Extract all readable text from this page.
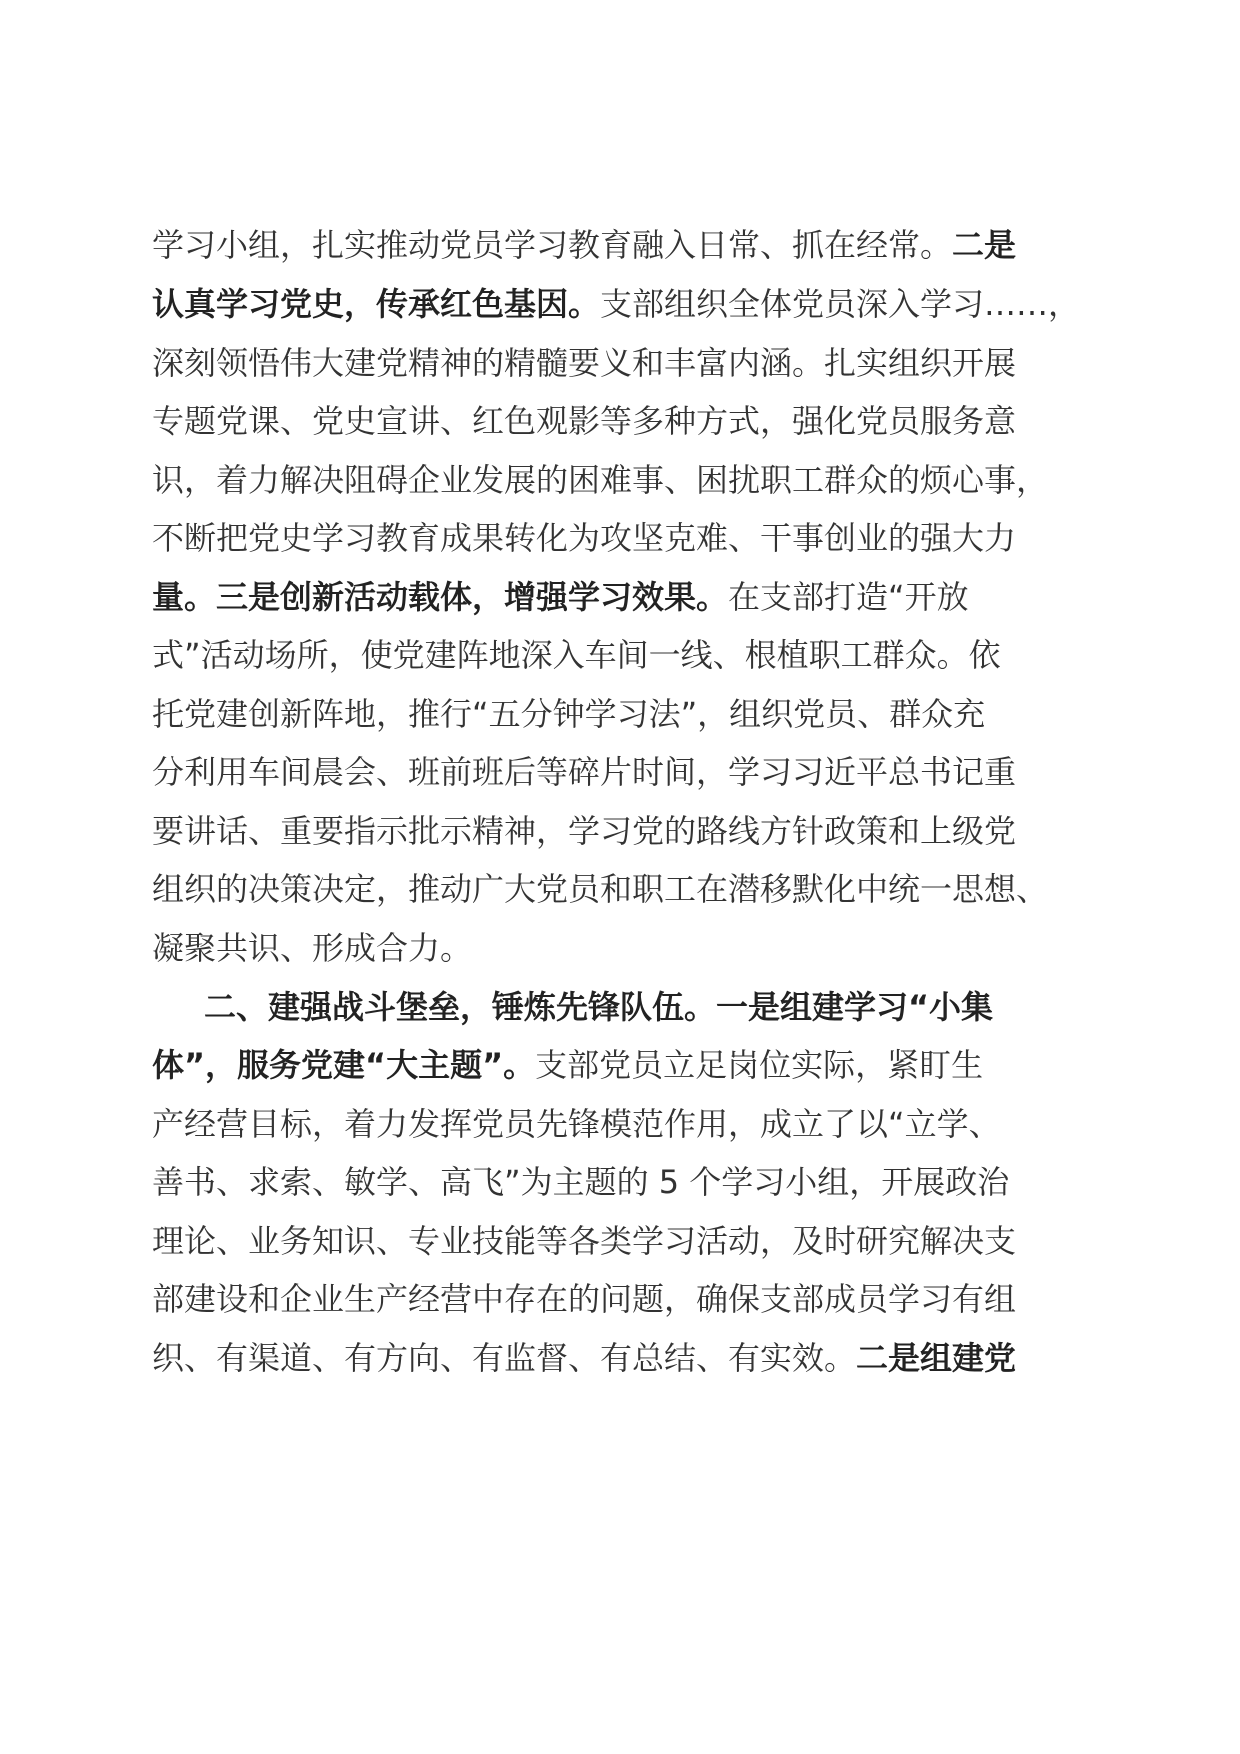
学习小组，扎实推动党员学习教育融入日常、抓在经常。二是
认真学习党史，传承红色基因。支部组织全体党员深入学习……，
深刻领悟伟大建党精神的精髓要义和丰富内涵。扎实组织开展
专题党课、党史宣讲、红色观影等多种方式，强化党员服务意
识，着力解决阻碍企业发展的困难事、困扰职工群众的烦心事，
不断把党史学习教育成果转化为攻坚克难、干事创业的强大力
量。三是创新活动载体，增强学习效果。在支部打造“开放
式”活动场所，使党建阵地深入车间一线、根植职工群众。依
托党建创新阵地，推行“五分钟学习法”，组织党员、群众充
分利用车间晨会、班前班后等碎片时间，学习习近平总书记重
要讲话、重要指示批示精神，学习党的路线方针政策和上级党
组织的决策决定，推动广大党员和职工在潜移默化中统一思想、
凝聚共识、形成合力。
二、建强战斗堡垒，锤炼先锋队伍。一是组建学习“小集
体”，服务党建“大主题”。支部党员立足岗位实际，紧盯生
产经营目标，着力发挥党员先锋模范作用，成立了以“立学、
善书、求索、敏学、高飞”为主题的 5 个学习小组，开展政治
理论、业务知识、专业技能等各类学习活动，及时研究解决支
部建设和企业生产经营中存在的问题，确保支部成员学习有组
织、有渠道、有方向、有监督、有总结、有实效。二是组建党
